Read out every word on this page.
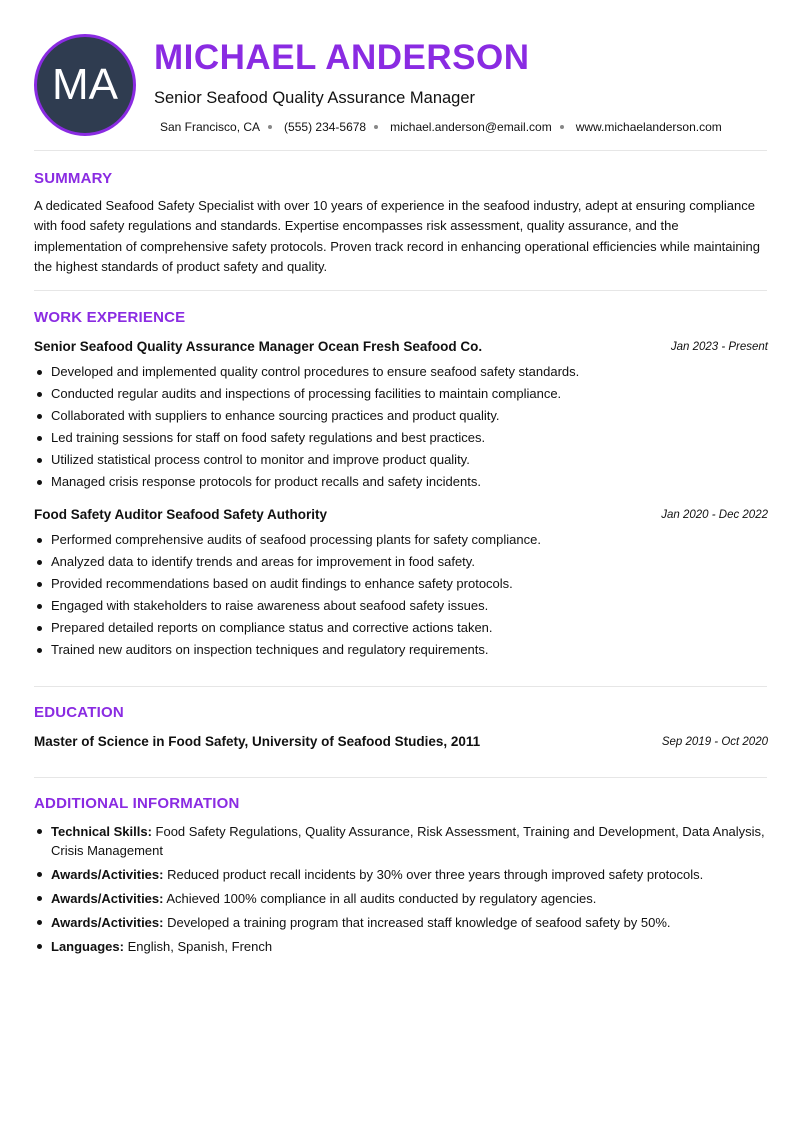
MA
MICHAEL ANDERSON
Senior Seafood Quality Assurance Manager
San Francisco, CA (555) 234-5678 michael.anderson@email.com www.michaelanderson.com
SUMMARY

A dedicated Seafood Safety Specialist with over 10 years of experience in the seafood industry, adept at ensuring compliance with food safety regulations and standards. Expertise encompasses risk assessment, quality assurance, and the implementation of comprehensive safety protocols. Proven track record in enhancing operational efficiencies while maintaining the highest standards of product safety and quality.

WORK EXPERIENCE
Senior Seafood Quality Assurance Manager Ocean Fresh Seafood Co.	Jan 2023 - Present
Developed and implemented quality control procedures to ensure seafood safety standards.
Conducted regular audits and inspections of processing facilities to maintain compliance.
Collaborated with suppliers to enhance sourcing practices and product quality.
Led training sessions for staff on food safety regulations and best practices.
Utilized statistical process control to monitor and improve product quality.
Managed crisis response protocols for product recalls and safety incidents.
Food Safety Auditor Seafood Safety Authority	Jan 2020 - Dec 2022
Performed comprehensive audits of seafood processing plants for safety compliance.
Analyzed data to identify trends and areas for improvement in food safety.
Provided recommendations based on audit findings to enhance safety protocols.
Engaged with stakeholders to raise awareness about seafood safety issues.
Prepared detailed reports on compliance status and corrective actions taken.
Trained new auditors on inspection techniques and regulatory requirements.
EDUCATION
Master of Science in Food Safety, University of Seafood Studies, 2011	Sep 2019 - Oct 2020
ADDITIONAL INFORMATION
Technical Skills: Food Safety Regulations, Quality Assurance, Risk Assessment, Training and Development, Data Analysis, Crisis Management
Awards/Activities: Reduced product recall incidents by 30% over three years through improved safety protocols.
Awards/Activities: Achieved 100% compliance in all audits conducted by regulatory agencies.
Awards/Activities: Developed a training program that increased staff knowledge of seafood safety by 50%.
Languages: English, Spanish, French
